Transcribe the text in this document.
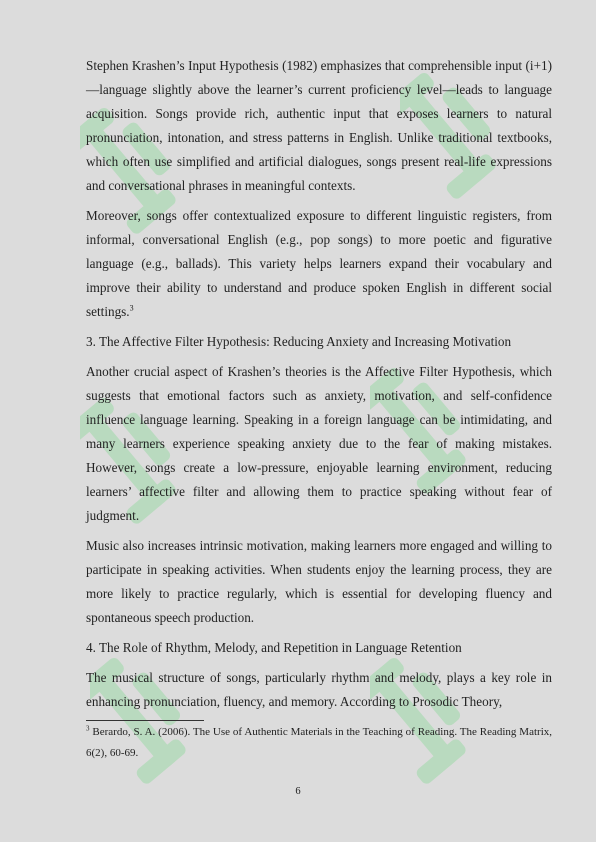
Stephen Krashen’s Input Hypothesis (1982) emphasizes that comprehensible input (i+1)—language slightly above the learner’s current proficiency level—leads to language acquisition. Songs provide rich, authentic input that exposes learners to natural pronunciation, intonation, and stress patterns in English. Unlike traditional textbooks, which often use simplified and artificial dialogues, songs present real-life expressions and conversational phrases in meaningful contexts.

Moreover, songs offer contextualized exposure to different linguistic registers, from informal, conversational English (e.g., pop songs) to more poetic and figurative language (e.g., ballads). This variety helps learners expand their vocabulary and improve their ability to understand and produce spoken English in different social settings.$^3$

3. The Affective Filter Hypothesis: Reducing Anxiety and Increasing Motivation

Another crucial aspect of Krashen’s theories is the Affective Filter Hypothesis, which suggests that emotional factors such as anxiety, motivation, and self-confidence influence language learning. Speaking in a foreign language can be intimidating, and many learners experience speaking anxiety due to the fear of making mistakes. However, songs create a low-pressure, enjoyable learning environment, reducing learners’ affective filter and allowing them to practice speaking without fear of judgment.

Music also increases intrinsic motivation, making learners more engaged and willing to participate in speaking activities. When students enjoy the learning process, they are more likely to practice regularly, which is essential for developing fluency and spontaneous speech production.

4. The Role of Rhythm, Melody, and Repetition in Language Retention

The musical structure of songs, particularly rhythm and melody, plays a key role in enhancing pronunciation, fluency, and memory. According to Prosodic Theory,

$^3$ Berardo, S. A. (2006). The Use of Authentic Materials in the Teaching of Reading. The Reading Matrix, 6(2), 60-69.
6
